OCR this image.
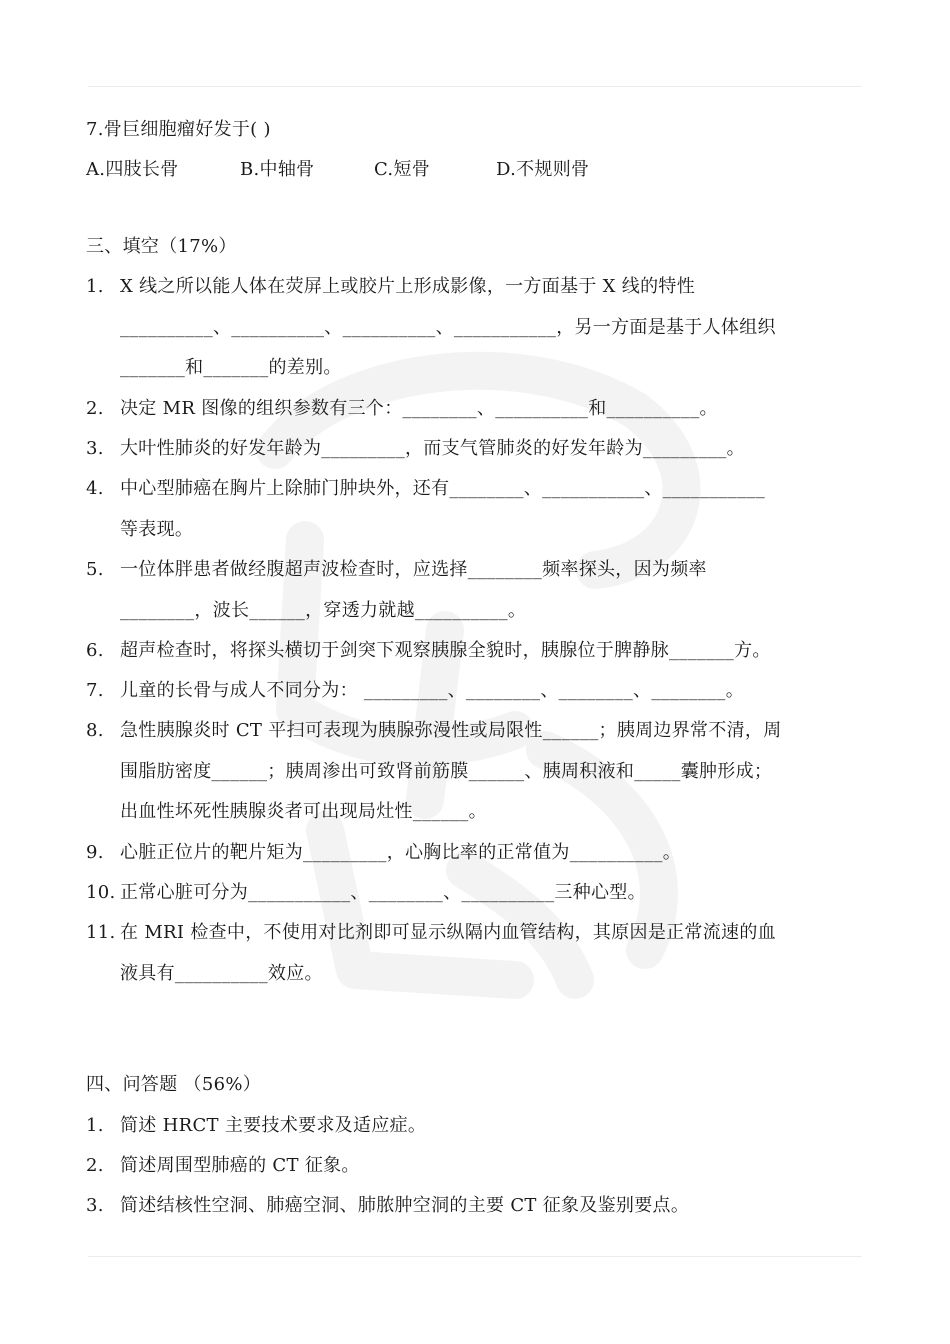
7.骨巨细胞瘤好发于( )
A.四肢长骨	B.中轴骨	C.短骨	D.不规则骨
三、填空（17%）
1. X 线之所以能人体在荧屏上或胶片上形成影像，一方面基于 X 线的特性
__________、__________、__________、___________，另一方面是基于人体组织
_______和_______的差别。
2. 决定 MR 图像的组织参数有三个：________、__________和__________。
3. 大叶性肺炎的好发年龄为_________，而支气管肺炎的好发年龄为_________。
4. 中心型肺癌在胸片上除肺门肿块外，还有________、___________、___________
等表现。
5. 一位体胖患者做经腹超声波检查时，应选择________频率探头，因为频率
________，波长______，穿透力就越__________。
6. 超声检查时，将探头横切于剑突下观察胰腺全貌时，胰腺位于脾静脉_______方。
7. 儿童的长骨与成人不同分为： _________、________、________、________。
8. 急性胰腺炎时 CT 平扫可表现为胰腺弥漫性或局限性______；胰周边界常不清，周
围脂肪密度______；胰周渗出可致肾前筋膜______、胰周积液和_____囊肿形成；
出血性坏死性胰腺炎者可出现局灶性______。
9. 心脏正位片的靶片矩为_________，心胸比率的正常值为__________。
10. 正常心脏可分为___________、________、__________三种心型。
11. 在 MRI 检查中，不使用对比剂即可显示纵隔内血管结构，其原因是正常流速的血
液具有__________效应。
四、问答题 （56%）
1. 简述 HRCT 主要技术要求及适应症。
2. 简述周围型肺癌的 CT 征象。
3. 简述结核性空洞、肺癌空洞、肺脓肿空洞的主要 CT 征象及鉴别要点。
